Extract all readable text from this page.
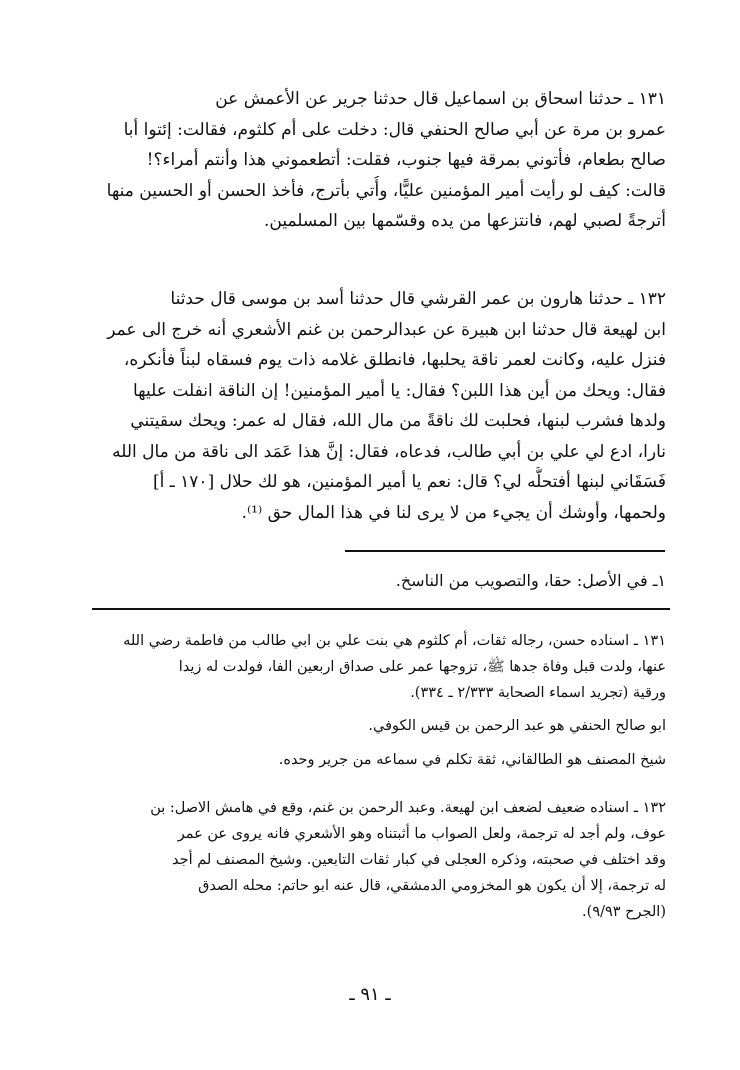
١٣١ ـ حدثنا اسحاق بن اسماعيل قال حدثنا جرير عن الأعمش عن
عمرو بن مرة عن أبي صالح الحنفي قال: دخلت على أم كلثوم، فقالت: إئتوا أبا
صالح بطعام، فأتوني بمرقة فيها جنوب، فقلت: أتطعموني هذا وأنتم أمراء؟!
قالت: كيف لو رأيت أمير المؤمنين عليًّا، وأُتي بأترج، فأخذ الحسن أو الحسين منها
أترجةً لصبي لهم، فانتزعها من يده وقسّمها بين المسلمين.
١٣٢ ـ حدثنا هارون بن عمر القرشي قال حدثنا أسد بن موسى قال حدثنا
ابن لهيعة قال حدثنا ابن هبيرة عن عبدالرحمن بن غنم الأشعري أنه خرج الى عمر
فنزل عليه، وكانت لعمر ناقة يحلبها، فانطلق غلامه ذات يوم فسقاه لبناً فأنكره،
فقال: ويحك من أين هذا اللبن؟ فقال: يا أمير المؤمنين! إن الناقة انفلت عليها
ولدها فشرب لبنها، فحلبت لك ناقةً من مال الله، فقال له عمر: ويحك سقيتني
نارا، ادع لي علي بن أبي طالب، فدعاه، فقال: إنَّ هذا عَمَد الى ناقة من مال الله
فَسَقَاني لبنها أفتحلُّه لي؟ قال: نعم يا أمير المؤمنين، هو لك حلال [١٧٠ ـ أ]
ولحمها، وأوشك أن يجيء من لا يرى لنا في هذا المال حق ⁽¹⁾.
١ـ في الأصل: حقا، والتصويب من الناسخ.
١٣١ ـ اسناده حسن، رجاله ثقات، أم كلثوم هي بنت علي بن ابي طالب من فاطمة رضي الله
عنها، ولدت قبل وفاة جدها ﷺ، تزوجها عمر على صداق اربعين الفا، فولدت له زيدا
ورقية (تجريد اسماء الصحابة ٢/٣٣٣ ـ ٣٣٤).
ابو صالح الحنفي هو عبد الرحمن بن قيس الكوفي.
شيخ المصنف هو الطالقاني، ثقة تكلم في سماعه من جرير وحده.
١٣٢ ـ اسناده ضعيف لضعف ابن لهيعة. وعبد الرحمن بن غنم، وقع في هامش الاصل: بن
عوف، ولم أجد له ترجمة، ولعل الصواب ما أثبتناه وهو الأشعري فانه يروى عن عمر
وقد اختلف في صحبته، وذكره العجلى في كبار ثقات التابعين. وشيخ المصنف لم أجد
له ترجمة، إلا أن يكون هو المخزومي الدمشقي، قال عنه ابو حاتم: محله الصدق
(الجرح ٩/٩٣).
ـ ٩١ ـ
